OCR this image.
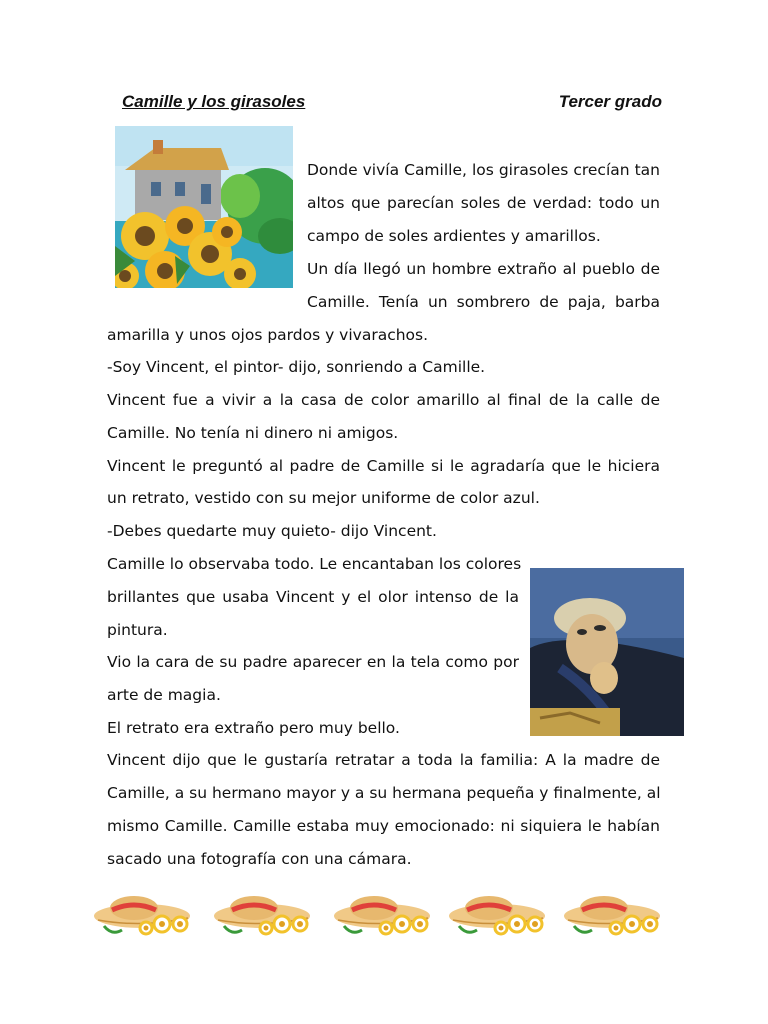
Camille y los girasoles	Tercer grado
Donde vivía Camille, los girasoles crecían tan
altos que parecían soles de verdad: todo un
campo de soles ardientes y amarillos.
Un día llegó un hombre extraño al pueblo de
Camille. Tenía un sombrero de paja, barba
amarilla y unos ojos pardos y vivarachos.
-Soy Vincent, el pintor- dijo, sonriendo a Camille.
Vincent fue a vivir a la casa de color amarillo al final de la calle de
Camille. No tenía ni dinero ni amigos.
Vincent le preguntó al padre de Camille si le agradaría que le hiciera
un retrato, vestido con su mejor uniforme de color azul.
-Debes quedarte muy quieto- dijo Vincent.
Camille lo observaba todo. Le encantaban los colores
brillantes que usaba Vincent y el olor intenso de la
pintura.
Vio la cara de su padre aparecer en la tela como por
arte de magia.
El retrato era extraño pero muy bello.
Vincent dijo que le gustaría retratar a toda la familia: A la madre de
Camille, a su hermano mayor y a su hermana pequeña y finalmente, al
mismo Camille. Camille estaba muy emocionado: ni siquiera le habían
sacado una fotografía con una cámara.
